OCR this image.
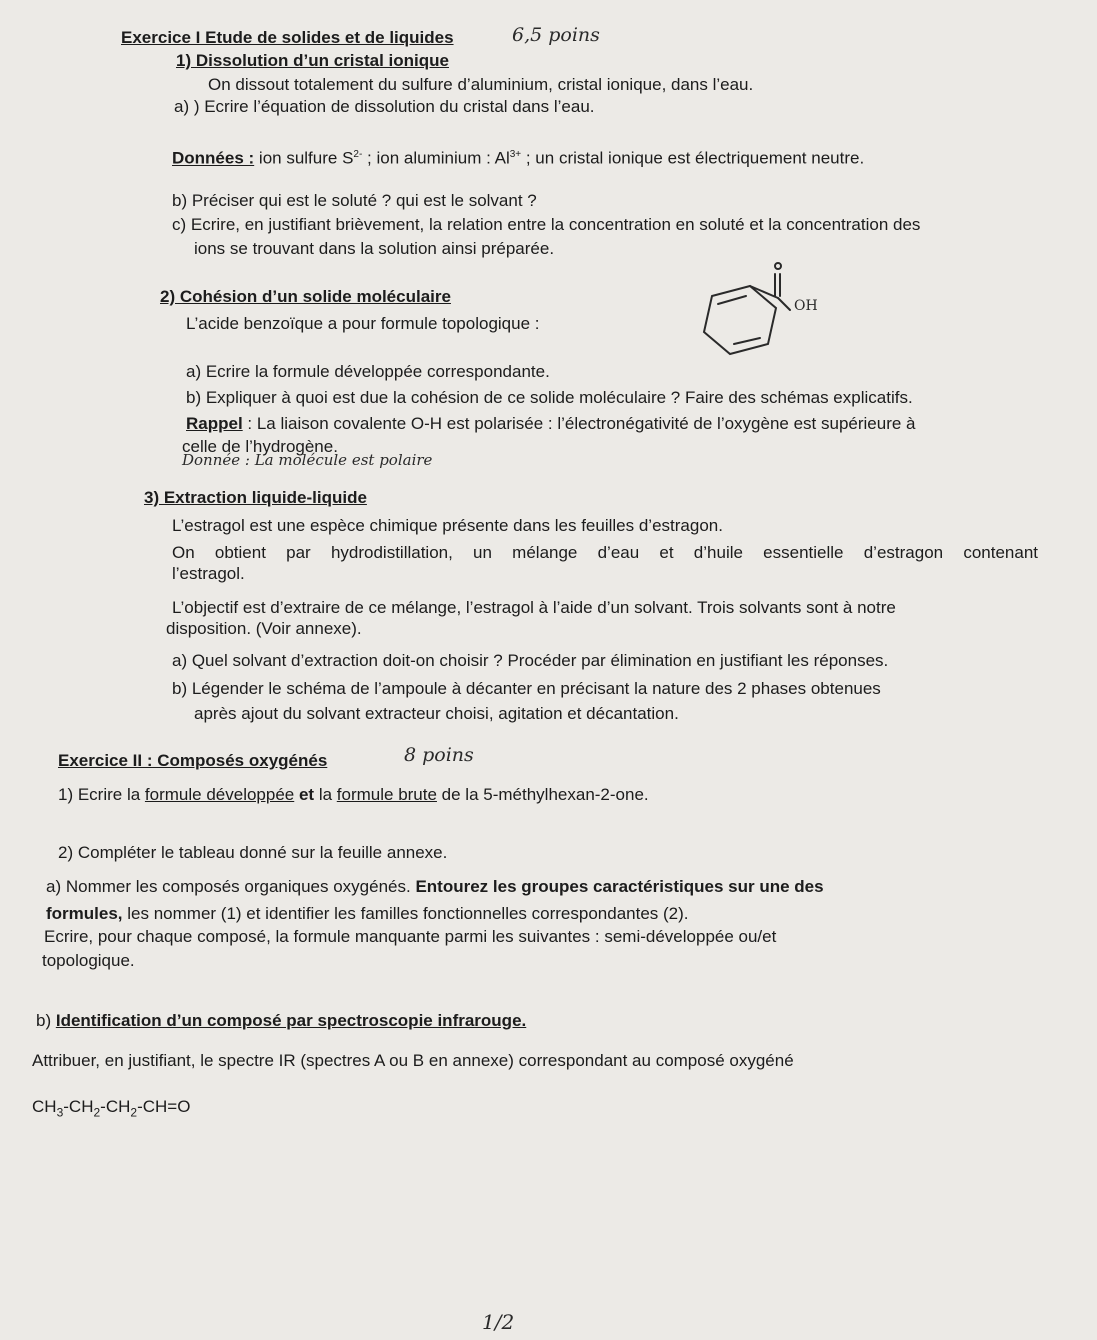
Exercice I Etude de solides et de liquides	6,5 poins
1) Dissolution d’un cristal ionique
On dissout totalement du sulfure d’aluminium, cristal ionique, dans l’eau.
a) ) Ecrire l’équation de dissolution du cristal dans l’eau.
Données : ion sulfure $S^{2-}$ ; ion aluminium : $Al^{3+}$ ; un cristal ionique est électriquement neutre.
b) Préciser qui est le soluté ? qui est le solvant ?
c) Ecrire, en justifiant brièvement, la relation entre la concentration en soluté et la concentration des
ions se trouvant dans la solution ainsi préparée.
2) Cohésion d’un solide moléculaire
L’acide benzoïque a pour formule topologique :
OH
a) Ecrire la formule développée correspondante.
b) Expliquer à quoi est due la cohésion de ce solide moléculaire ? Faire des schémas explicatifs.
Rappel : La liaison covalente O-H est polarisée : l’électronégativité de l’oxygène est supérieure à
celle de l’hydrogène.
Donnée : La molécule est polaire
3) Extraction liquide-liquide
L’estragol est une espèce chimique présente dans les feuilles d’estragon.
On obtient par hydrodistillation, un mélange d’eau et d’huile essentielle d’estragon contenant
l’estragol.
L’objectif est d’extraire de ce mélange, l’estragol à l’aide d’un solvant. Trois solvants sont à notre
disposition. (Voir annexe).
a) Quel solvant d’extraction doit-on choisir ? Procéder par élimination en justifiant les réponses.
b) Légender le schéma de l’ampoule à décanter en précisant la nature des 2 phases obtenues
après ajout du solvant extracteur choisi, agitation et décantation.
Exercice II : Composés oxygénés	8 poins
1) Ecrire la formule développée et la formule brute de la 5-méthylhexan-2-one.
2) Compléter le tableau donné sur la feuille annexe.
a) Nommer les composés organiques oxygénés. Entourez les groupes caractéristiques sur une des
formules, les nommer (1) et identifier les familles fonctionnelles correspondantes (2).
Ecrire, pour chaque composé, la formule manquante parmi les suivantes : semi-développée ou/et
topologique.
b) Identification d’un composé par spectroscopie infrarouge.
Attribuer, en justifiant, le spectre IR (spectres A ou B en annexe) correspondant au composé oxygéné
$CH_3-CH_2-CH_2-CH=O$
1/2
